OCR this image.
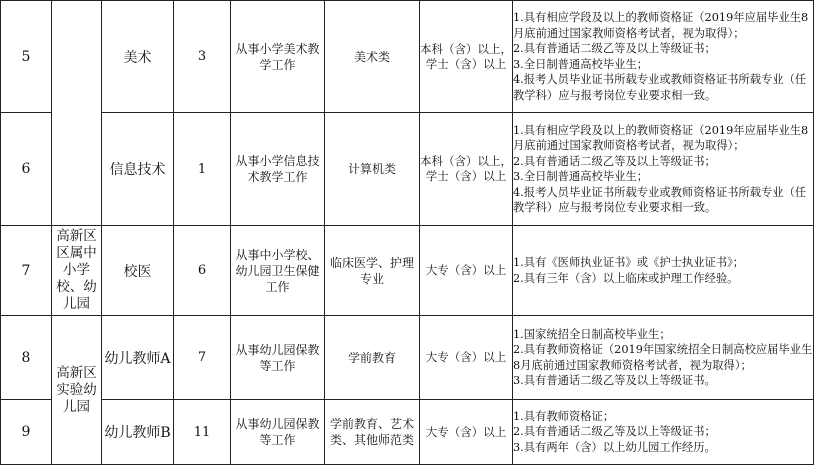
5		美术	3	从事小学美术教学工作	美术类	本科（含）以上，学士（含）以上	1.具有相应学段及以上的教师资格证（2019年应届毕业生8月底前通过国家教师资格考试者，视为取得）；
2.具有普通话二级乙等及以上等级证书；
3.全日制普通高校毕业生；
4.报考人员毕业证书所载专业或教师资格证书所载专业（任教学科）应与报考岗位专业要求相一致。

6		信息技术	1	从事小学信息技术教学工作	计算机类	本科（含）以上，学士（含）以上	1.具有相应学段及以上的教师资格证（2019年应届毕业生8月底前通过国家教师资格考试者，视为取得）；
2.具有普通话二级乙等及以上等级证书；
3.全日制普通高校毕业生；
4.报考人员毕业证书所载专业或教师资格证书所载专业（任教学科）应与报考岗位专业要求相一致。

7	高新区区属中小学校、幼儿园	校医	6	从事中小学校、幼儿园卫生保健工作	临床医学、护理专业	大专（含）以上	1.具有《医师执业证书》或《护士执业证书》；
2.具有三年（含）以上临床或护理工作经验。

8	高新区实验幼儿园	幼儿教师A	7	从事幼儿园保教等工作	学前教育	大专（含）以上	1.国家统招全日制高校毕业生；
2.具有教师资格证（2019年国家统招全日制高校应届毕业生8月底前通过国家教师资格考试者，视为取得）；
3.具有普通话二级乙等及以上等级证书。

9		幼儿教师B	11	从事幼儿园保教等工作	学前教育、艺术类、其他师范类	大专（含）以上	1.具有教师资格证；
2.具有普通话二级乙等及以上等级证书；
3.具有两年（含）以上幼儿园工作经历。
